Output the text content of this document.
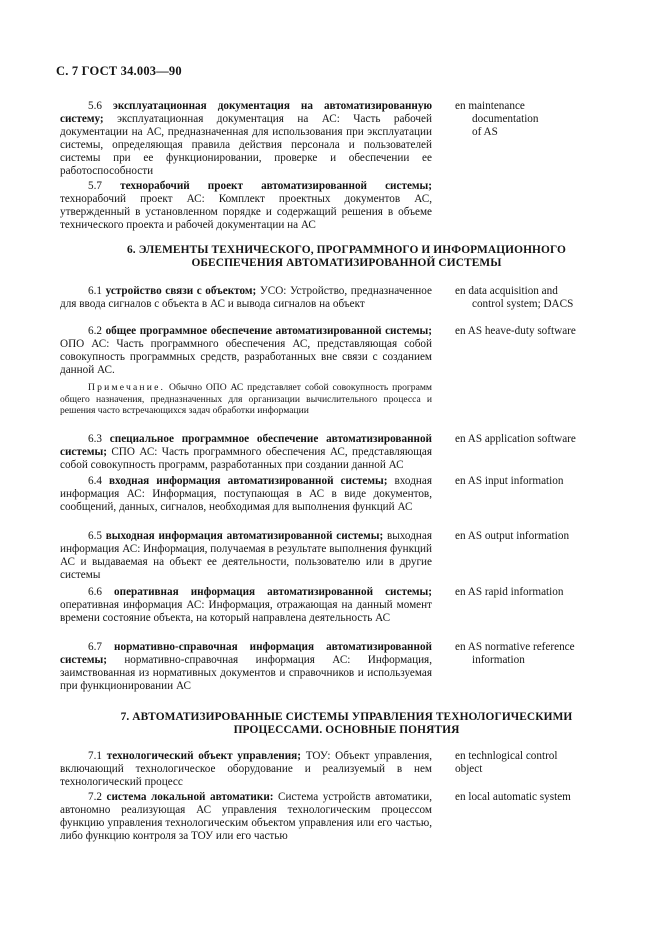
С. 7 ГОСТ 34.003—90

5.6 эксплуатационная документация на автоматизированную систему; эксплуатационная документация на АС: Часть рабочей документации на АС, предназначенная для использования при эксплуатации системы, определяющая правила действия персонала и пользователей системы при ее функционировании, проверке и обеспечении ее работоспособности

en maintenance
documentation
of AS

5.7 технорабочий проект автоматизированной системы; технорабочий проект АС: Комплект проектных документов АС, утвержденный в установленном порядке и содержащий решения в объеме технического проекта и рабочей документации на АС

6. ЭЛЕМЕНТЫ ТЕХНИЧЕСКОГО, ПРОГРАММНОГО И ИНФОРМАЦИОННОГО
ОБЕСПЕЧЕНИЯ АВТОМАТИЗИРОВАННОЙ СИСТЕМЫ

6.1 устройство связи с объектом; УСО: Устройство, предназначенное для ввода сигналов с объекта в АС и вывода сигналов на объект

en data acquisition and
control system; DACS

6.2 общее программное обеспечение автоматизированной системы; ОПО АС: Часть программного обеспечения АС, представляющая собой совокупность программных средств, разработанных вне связи с созданием данной АС.

Примечание. Обычно ОПО АС представляет собой совокупность программ общего назначения, предназначенных для организации вычислительного процесса и решения часто встречающихся задач обработки информации
en AS heave-duty software

6.3 специальное программное обеспечение автоматизированной системы; СПО АС: Часть программного обеспечения АС, представляющая собой совокупность программ, разработанных при создании данной АС

en AS application software

6.4 входная информация автоматизированной системы; входная информация АС: Информация, поступающая в АС в виде документов, сообщений, данных, сигналов, необходимая для выполнения функций АС

en AS input information

6.5 выходная информация автоматизированной системы; выходная информация АС: Информация, получаемая в результате выполнения функций АС и выдаваемая на объект ее деятельности, пользователю или в другие системы

en AS output information

6.6 оперативная информация автоматизированной системы; оперативная информация АС: Информация, отражающая на данный момент времени состояние объекта, на который направлена деятельность АС

en AS rapid information

6.7 нормативно-справочная информация автоматизированной системы; нормативно-справочная информация АС: Информация, заимствованная из нормативных документов и справочников и используемая при функционировании АС

en AS normative reference
information
7. АВТОМАТИЗИРОВАННЫЕ СИСТЕМЫ УПРАВЛЕНИЯ ТЕХНОЛОГИЧЕСКИМИ
ПРОЦЕССАМИ. ОСНОВНЫЕ ПОНЯТИЯ

7.1 технологический объект управления; ТОУ: Объект управления, включающий технологическое оборудование и реализуемый в нем технологический процесс

en technlogical control
object

7.2 система локальной автоматики: Система устройств автоматики, автономно реализующая АС управления технологическим процессом функцию управления технологическим объектом управления или его частью, либо функцию контроля за ТОУ или его частью

en local automatic system
